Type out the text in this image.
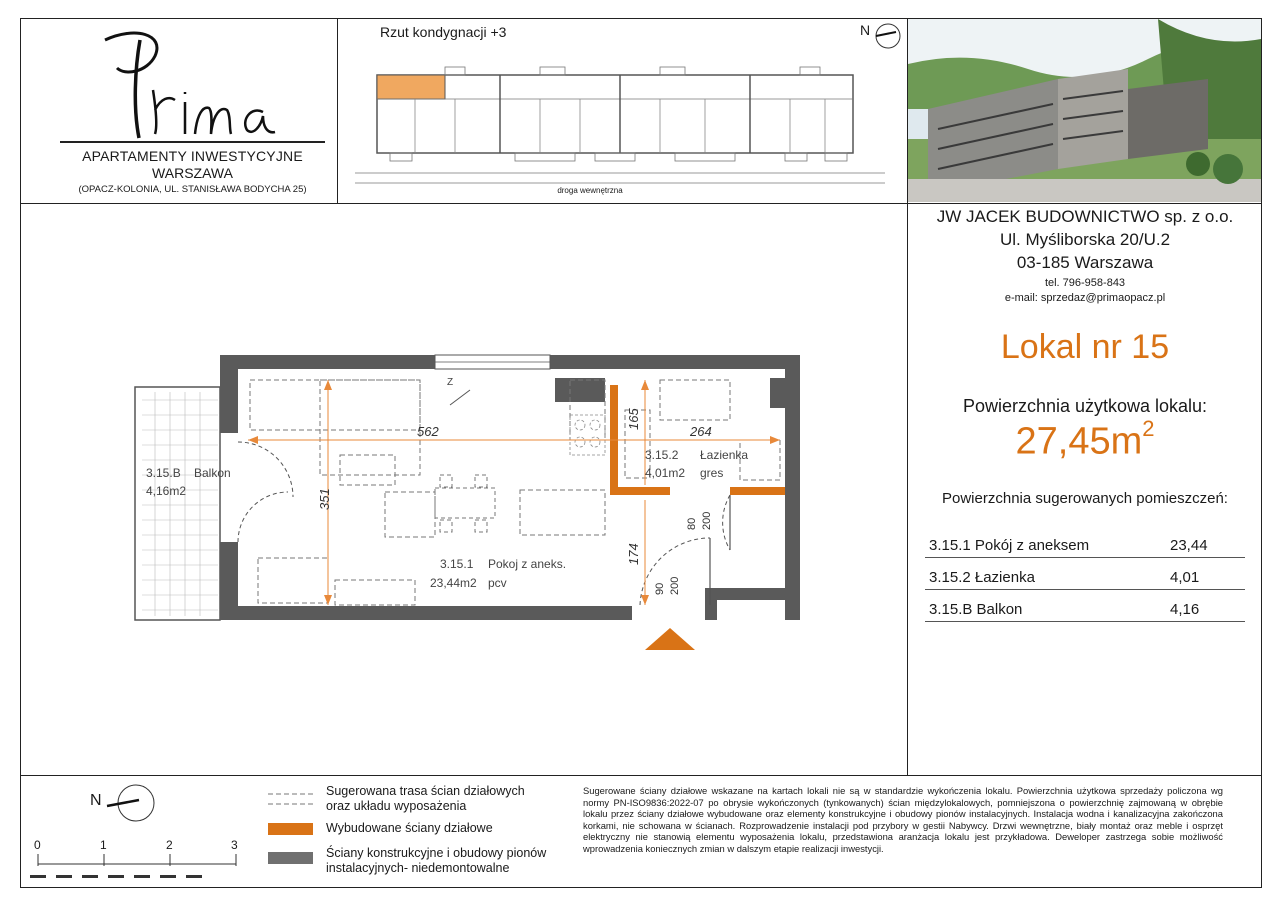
APARTAMENTY INWESTYCYJNE
WARSZAWA
(OPACZ-KOLONIA, UL. STANISŁAWA BODYCHA 25)
Rzut kondygnacji +3	N
droga wewnętrzna
JW JACEK BUDOWNICTWO sp. z o.o.
Ul. Myśliborska 20/U.2
03-185 Warszawa
tel. 796-958-843
e-mail: sprzedaz@primaopacz.pl
Lokal nr 15
Powierzchnia użytkowa lokalu:
$27,45m^2$
Powierzchnia sugerowanych pomieszczeń:
3.15.1 Pokój z aneksem	23,44
3.15.2 Łazienka	4,01
3.15.B Balkon	4,16
3.15.B Balkon
4,16m2
3.15.1 Pokoj z aneks.
23,44m2 pcv
3.15.2 Łazienka
4,01m2 gres
562	264
351
165
174
Z
80 200
90 200
N
0	1	2	3
Sugerowana trasa ścian działowych
oraz układu wyposażenia
Wybudowane ściany działowe
Ściany konstrukcyjne i obudowy pionów
instalacyjnych- niedemontowalne
Sugerowane ściany działowe wskazane na kartach lokali nie są w standardzie wykończenia lokalu. Powierzchnia użytkowa sprzedaży policzona wg normy PN-ISO9836:2022-07 po obrysie wykończonych (tynkowanych) ścian międzylokalowych, pomniejszona o powierzchnię zajmowaną w obrębie lokalu przez ściany działowe wybudowane oraz elementy konstrukcyjne i obudowy pionów instalacyjnych. Instalacja wodna i kanalizacyjna zakończona korkami, nie schowana w ścianach. Rozprowadzenie instalacji pod przybory w gestii Nabywcy. Drzwi wewnętrzne, biały montaż oraz meble i osprzęt elektryczny nie stanowią elementu wyposażenia lokalu, przedstawiona aranżacja lokalu jest przykładowa. Deweloper zastrzega sobie możliwość wprowadzenia koniecznych zmian w dalszym etapie realizacji inwestycji.
